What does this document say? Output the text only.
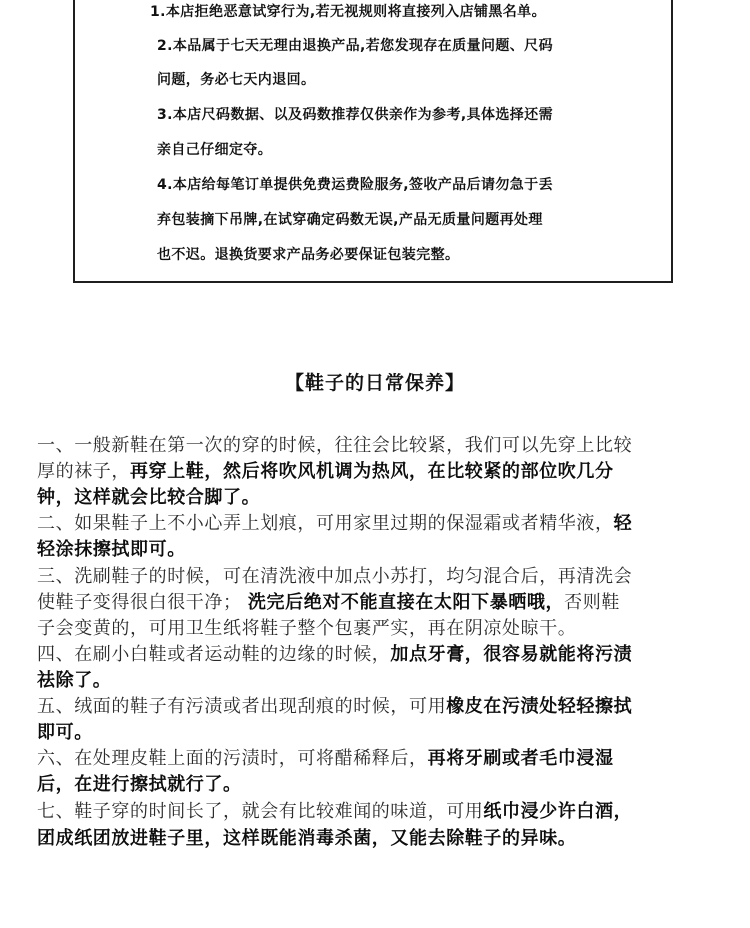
1.本店拒绝恶意试穿行为,若无视规则将直接列入店铺黑名单。
2.本品属于七天无理由退换产品,若您发现存在质量问题、尺码
问题，务必七天内退回。
3.本店尺码数据、以及码数推荐仅供亲作为参考,具体选择还需
亲自己仔细定夺。
4.本店给每笔订单提供免费运费险服务,签收产品后请勿急于丢
弃包装摘下吊牌,在试穿确定码数无误,产品无质量问题再处理
也不迟。退换货要求产品务必要保证包装完整。
【鞋子的日常保养】
一、一般新鞋在第一次的穿的时候，往往会比较紧，我们可以先穿上比较
厚的袜子，再穿上鞋，然后将吹风机调为热风，在比较紧的部位吹几分
钟，这样就会比较合脚了。
二、如果鞋子上不小心弄上划痕，可用家里过期的保湿霜或者精华液，轻
轻涂抹擦拭即可。
三、洗刷鞋子的时候，可在清洗液中加点小苏打，均匀混合后，再清洗会
使鞋子变得很白很干净； 洗完后绝对不能直接在太阳下暴晒哦，否则鞋
子会变黄的，可用卫生纸将鞋子整个包裹严实，再在阴凉处晾干。
四、在刷小白鞋或者运动鞋的边缘的时候，加点牙膏，很容易就能将污渍
祛除了。
五、绒面的鞋子有污渍或者出现刮痕的时候，可用橡皮在污渍处轻轻擦拭
即可。
六、在处理皮鞋上面的污渍时，可将醋稀释后，再将牙刷或者毛巾浸湿
后，在进行擦拭就行了。
七、鞋子穿的时间长了，就会有比较难闻的味道，可用纸巾浸少许白酒，
团成纸团放进鞋子里，这样既能消毒杀菌，又能去除鞋子的异味。
